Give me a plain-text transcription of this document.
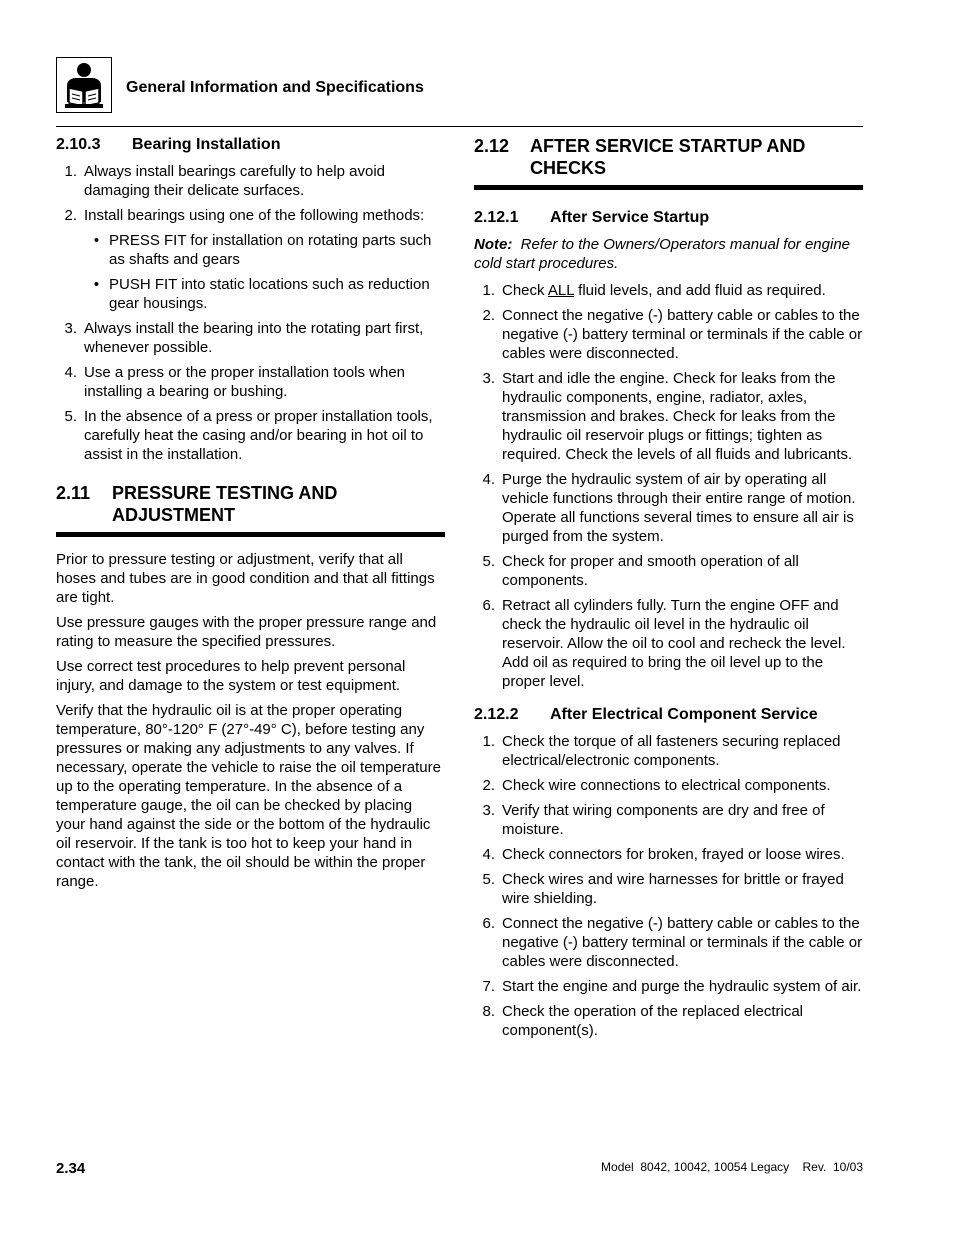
General Information and Specifications
2.10.3	Bearing Installation
1. Always install bearings carefully to help avoid damaging their delicate surfaces.
2. Install bearings using one of the following methods:
• PRESS FIT for installation on rotating parts such as shafts and gears
• PUSH FIT into static locations such as reduction gear housings.
3. Always install the bearing into the rotating part first, whenever possible.
4. Use a press or the proper installation tools when installing a bearing or bushing.
5. In the absence of a press or proper installation tools, carefully heat the casing and/or bearing in hot oil to assist in the installation.
2.11	PRESSURE TESTING AND ADJUSTMENT

Prior to pressure testing or adjustment, verify that all hoses and tubes are in good condition and that all fittings are tight.

Use pressure gauges with the proper pressure range and rating to measure the specified pressures.

Use correct test procedures to help prevent personal injury, and damage to the system or test equipment.

Verify that the hydraulic oil is at the proper operating temperature, 80°-120° F (27°-49° C), before testing any pressures or making any adjustments to any valves. If necessary, operate the vehicle to raise the oil temperature up to the operating temperature. In the absence of a temperature gauge, the oil can be checked by placing your hand against the side or the bottom of the hydraulic oil reservoir. If the tank is too hot to keep your hand in contact with the tank, the oil should be within the proper range.

2.12	AFTER SERVICE STARTUP AND CHECKS
2.12.1	After Service Startup

Note: Refer to the Owners/Operators manual for engine cold start procedures.

1. Check ALL fluid levels, and add fluid as required.
2. Connect the negative (-) battery cable or cables to the negative (-) battery terminal or terminals if the cable or cables were disconnected.
3. Start and idle the engine. Check for leaks from the hydraulic components, engine, radiator, axles, transmission and brakes. Check for leaks from the hydraulic oil reservoir plugs or fittings; tighten as required. Check the levels of all fluids and lubricants.
4. Purge the hydraulic system of air by operating all vehicle functions through their entire range of motion. Operate all functions several times to ensure all air is purged from the system.
5. Check for proper and smooth operation of all components.
6. Retract all cylinders fully. Turn the engine OFF and check the hydraulic oil level in the hydraulic oil reservoir. Allow the oil to cool and recheck the level. Add oil as required to bring the oil level up to the proper level.
2.12.2	After Electrical Component Service
1. Check the torque of all fasteners securing replaced electrical/electronic components.
2. Check wire connections to electrical components.
3. Verify that wiring components are dry and free of moisture.
4. Check connectors for broken, frayed or loose wires.
5. Check wires and wire harnesses for brittle or frayed wire shielding.
6. Connect the negative (-) battery cable or cables to the negative (-) battery terminal or terminals if the cable or cables were disconnected.
7. Start the engine and purge the hydraulic system of air.
8. Check the operation of the replaced electrical component(s).
2.34	Model  8042, 10042, 10054 Legacy    Rev.  10/03
